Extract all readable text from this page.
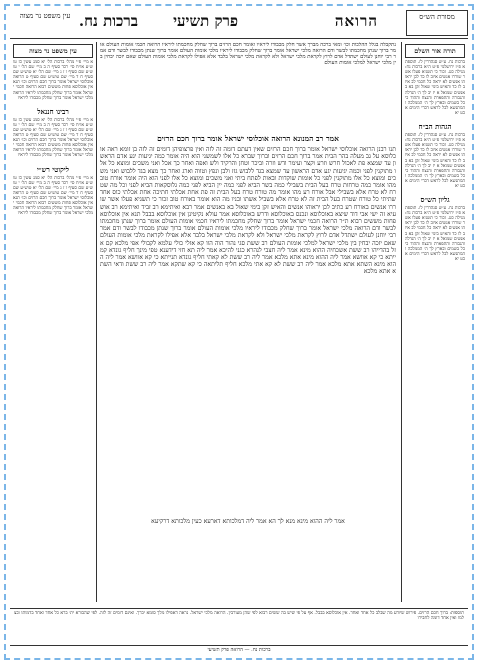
מסורת הש״ס
הרואה
פרק תשיעי
ברכות נח.
עין משפט נר מצוה
תורה אור השלם
ברכות נח. ע״ש סנהדרין לז. תוספתא פ״ז ירושלמי פ״ט ה״א ברכות נח: מגילה כט. זכור כי תשגיא פעלו אשר שוררו אנשים איוב לו כד לכן יראוהו אנשים לא יראה כל חכמי לב איוב לז כד והאיש בימי שאול זקן בא באנשים שמואל א יז יב לך ה׳ הגדלה והגבורה והתפארת והנצח וההוד כי כל בשמים ובארץ לך ה׳ הממלכה והמתנשא לכל לראש דברי הימים א כט יא
הגהות הב״ח
ברכות נח. ע״ש סנהדרין לז. תוספתא פ״ז ירושלמי פ״ט ה״א ברכות נח: מגילה כט. זכור כי תשגיא פעלו אשר שוררו אנשים איוב לו כד לכן יראוהו אנשים לא יראה כל חכמי לב איוב לז כד והאיש בימי שאול זקן בא באנשים שמואל א יז יב לך ה׳ הגדלה והגבורה והתפארת והנצח וההוד כי כל בשמים ובארץ לך ה׳ הממלכה והמתנשא לכל לראש דברי הימים א כט יא
גליון הש״ס
ברכות נח. ע״ש סנהדרין לז. תוספתא פ״ז ירושלמי פ״ט ה״א ברכות נח: מגילה כט. זכור כי תשגיא פעלו אשר שוררו אנשים איוב לו כד לכן יראוהו אנשים לא יראה כל חכמי לב איוב לז כד והאיש בימי שאול זקן בא באנשים שמואל א יז יב לך ה׳ הגדלה והגבורה והתפארת והנצח וההוד כי כל בשמים ובארץ לך ה׳ הממלכה והמתנשא לכל לראש דברי הימים א כט יא
נתקבלה בגלל ההלכות וכו׳ ומאי ברכה מברך אשר חלק מכבודו ליראיו ואומר חכם הרזים ברוך שחלק מחכמתו ליראיו הרואה חכמי אומות העולם אומר ברוך שנתן מחכמתו לבשר ודם הרואה מלכי ישראל אומר ברוך שחלק מכבודו ליראיו מלכי אומות העולם אומר ברוך שנתן מכבודו לבשר ודם אמר רבי יוחנן לעולם ישתדל אדם לרוץ לקראת מלכי ישראל ולא לקראת מלכי ישראל בלבד אלא אפילו לקראת מלכי אומות העולם שאם יזכה יבחין בין מלכי ישראל למלכי אומות העולם
אמר רב המנונא הרואה אוכלוסי ישראל אומר ברוך חכם הרזים
תנו רבנן הרואה אוכלוסי ישראל אומר ברוך חכם הרזים שאין דעתם דומה זה לזה ואין פרצופיהן דומים זה לזה בן זומא ראה אוכלוסא על גב מעלה בהר הבית אמר ברוך חכם הרזים וברוך שברא כל אלו לשמשני הוא היה אומר כמה יגיעות יגע אדם הראשון עד שמצא פת לאכול חרש וזרע וקצר ועימר ודש וזרה וביכר וטחן והרקיד ולש ואפה ואחר כך אכל ואני משכים ומוצא כל אלו מתוקנין לפני וכמה יגיעות יגע אדם הראשון עד שמצא בגד ללבוש גזז ולבן ונפץ וטווה וארג ואחר כך מצא בגד ללבוש ואני משכים ומוצא כל אלו מתוקנין לפני כל אומות שוקדות ובאות לפתח ביתי ואני משכים ומוצא כל אלו לפני הוא היה אומר אורח טוב מהו אומר כמה טרחות טרח בעל הבית בשבילי כמה בשר הביא לפני כמה יין הביא לפני כמה גלוסקאות הביא לפני וכל מה שטרח לא טרח אלא בשבילי אבל אורח רע מהו אומר מה טורח טרח בעל הבית זה פת אחת אכלתי חתיכה אחת אכלתי כוס אחד שתיתי כל טורח שטרח בעל הבית זה לא טרח אלא בשביל אשתו ובניו מה הוא אומר באורח טוב זכור כי תשגיא פעלו אשר שוררו אנשים באורח רע כתיב לכן יראוהו אנשים והאיש זקן בימי שאול בא באנשים אמר רבא ואיתימא רב זביד ואיתימא רב אושעיא זה ישי אבי דוד שיצא באוכלוסא ונכנס באוכלוסא ודרש באוכלוסא אמר עולא נקיטינן אין אוכלוסא בבבל תנא אין אוכלוסא פחות מששים רבוא ת״ר הרואה חכמי ישראל אומר ברוך שחלק מחכמתו ליראיו חכמי אומות העולם אומר ברוך שנתן מחכמתו לבשר ודם הרואה מלכי ישראל אומר ברוך שחלק מכבודו ליראיו מלכי אומות העולם אומר ברוך שנתן מכבודו לבשר ודם אמר רבי יוחנן לעולם ישתדל אדם לרוץ לקראת מלכי ישראל ולא לקראת מלכי ישראל בלבד אלא אפילו לקראת מלכי אומות העולם שאם יזכה יבחין בין מלכי ישראל למלכי אומות העולם רב ששת סגי נהור הוה הוו קא אזלי כולי עלמא לקבולי אפי מלכא קם אזל בהדייהו רב ששת אשכחיה ההוא מינא אמר ליה חצבי לנהרא כגני להיכא אמר ליה תא חזי דידענא טפי מינך חליף גונדא קמייתא כי קא אוושא אמר ליה ההוא מינא אתא מלכא אמר ליה רב ששת לא קאתי חליף גונדא תנייתא כי קא אוושא אמר ליה ההוא מינא השתא אתא מלכא אמר ליה רב ששת לא קא אתי מלכא חליף תליתאה כי קא שתקא אמר ליה רב ששת ודאי השתא אתא מלכא
אמר ליה ההוא מינא מנא לך הא אמר ליה דמלכותא דארעא כעין מלכותא דרקיעא
עין משפט נר מצוה
א מיי׳ פ״י מהל׳ ברכות הל׳ יא סמג עשין כז טוש״ע או״ח סי׳ רכד סעיף ה ב מיי׳ שם הל׳ י טוש״ע שם סעיף ו ז ג מיי׳ שם הל׳ יא טוש״ע שם סעיף ח ד מיי׳ שם טוש״ע שם סעיף ט הרואה אוכלוסי ישראל אומר ברוך חכם הרזים וכו׳ תנא אין אוכלוסא פחות מששים רבוא הרואה חכמי ישראל אומר ברוך שחלק מחכמתו ליראיו הרואה מלכי ישראל אומר ברוך שחלק מכבודו ליראיו
רבינו חננאל
א מיי׳ פ״י מהל׳ ברכות הל׳ יא סמג עשין כז טוש״ע או״ח סי׳ רכד סעיף ה ב מיי׳ שם הל׳ י טוש״ע שם סעיף ו ז ג מיי׳ שם הל׳ יא טוש״ע שם סעיף ח ד מיי׳ שם טוש״ע שם סעיף ט הרואה אוכלוסי ישראל אומר ברוך חכם הרזים וכו׳ תנא אין אוכלוסא פחות מששים רבוא הרואה חכמי ישראל אומר ברוך שחלק מחכמתו ליראיו הרואה מלכי ישראל אומר ברוך שחלק מכבודו ליראיו
ליקוטי רש״י
א מיי׳ פ״י מהל׳ ברכות הל׳ יא סמג עשין כז טוש״ע או״ח סי׳ רכד סעיף ה ב מיי׳ שם הל׳ י טוש״ע שם סעיף ו ז ג מיי׳ שם הל׳ יא טוש״ע שם סעיף ח ד מיי׳ שם טוש״ע שם סעיף ט הרואה אוכלוסי ישראל אומר ברוך חכם הרזים וכו׳ תנא אין אוכלוסא פחות מששים רבוא הרואה חכמי ישראל אומר ברוך שחלק מחכמתו ליראיו הרואה מלכי ישראל אומר ברוך שחלק מכבודו ליראיו
תוספות: ברוך חכם הרזים. פירוש שיודע מה שבלב כל אחד ואחד. אין אוכלוסא בבבל. אף על פי שיש בה ששים רבוא לפי שהן מעורבין. הרואה מלכי ישראל. נראה דאפילו מלך סומא יברך. ואינם דומים זה לזה. לפי שהבורא ית׳ ברא כל אחד ואחד בדמותו ובצלמו ואין אחד דומה לחבירו
ברכות נח. — הרואה פרק תשיעי
